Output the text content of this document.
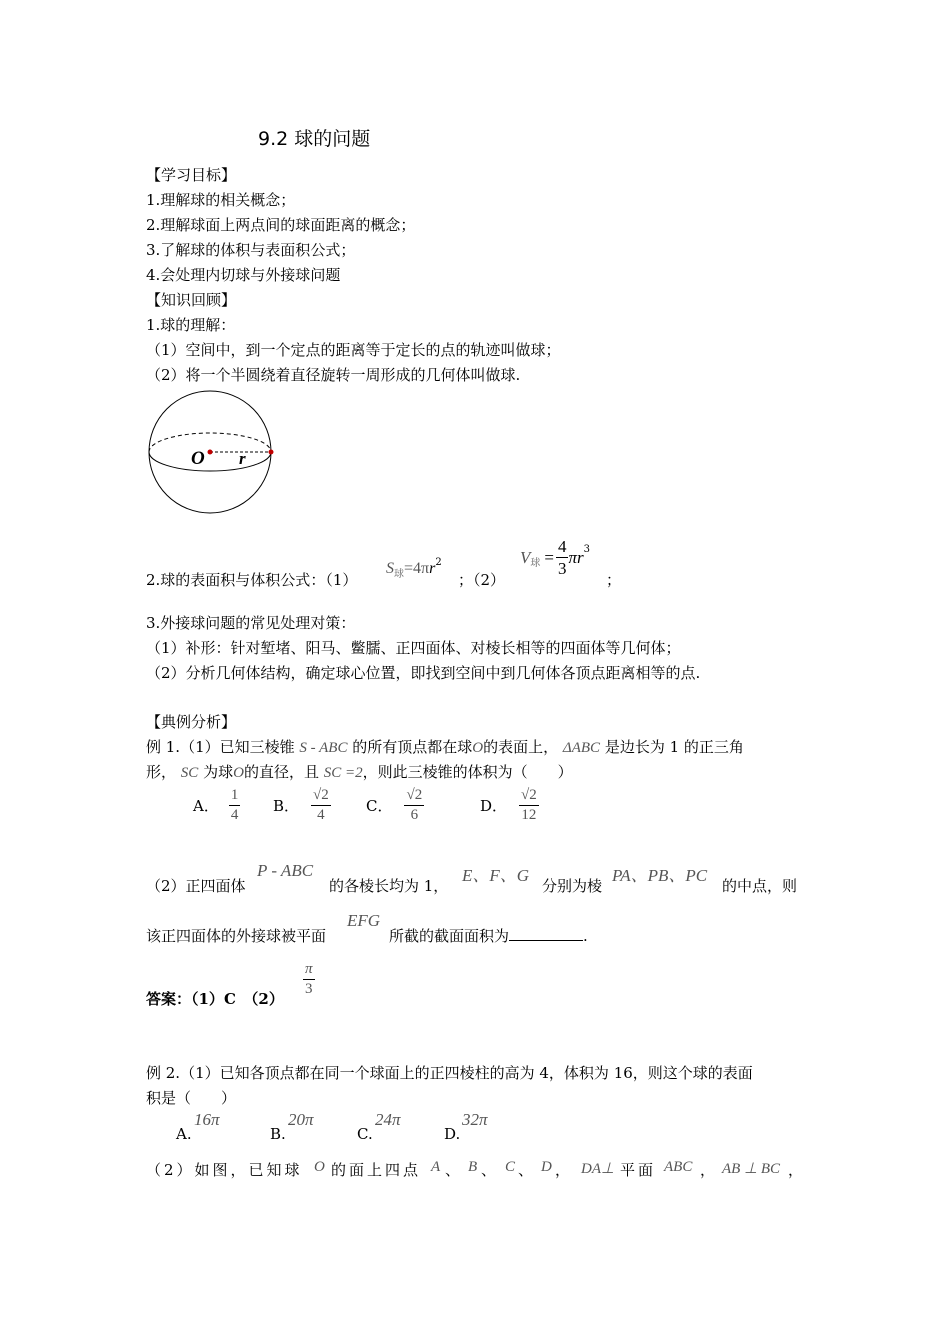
9.2 球的问题
【学习目标】
1.理解球的相关概念；
2.理解球面上两点间的球面距离的概念；
3.了解球的体积与表面积公式；
4.会处理内切球与外接球问题
【知识回顾】
1.球的理解：
（1）空间中，到一个定点的距离等于定长的点的轨迹叫做球；
（2）将一个半圆绕着直径旋转一周形成的几何体叫做球.
O r
2.球的表面积与体积公式：（1）
$S_球=4\pi r^2$
；（2）
V 球 = $\frac{4}{3}$ πr 3
；
3.外接球问题的常见处理对策：
（1）补形：针对堑堵、阳马、鳖臑、正四面体、对棱长相等的四面体等几何体；
（2）分析几何体结构，确定球心位置，即找到空间中到几何体各顶点距离相等的点.
【典例分析】
例 1.（1）已知三棱锥 S - ABC 的所有顶点都在球O的表面上， ΔABC 是边长为 1 的正三角
形， SC 为球O的直径，且 SC =2，则此三棱锥的体积为（　　）
A． $\frac{1}{4}$ B． $\frac{√2}{4}$ C． $\frac{√2}{6}$	D． $\frac{√2}{12}$
（2）正四面体
P - ABC
的各棱长均为 1，
E、F、G
分别为棱
PA、PB、PC
的中点，则
该正四面体的外接球被平面
EFG
所截的截面面积为	.
答案：（1）C　（2）
$\frac{\pi}{3}$
例 2.（1）已知各顶点都在同一个球面上的正四棱柱的高为 4，体积为 16，则这个球的表面
积是（　　）
A.
16π
B.
20π
C.
24π
D.
32π
（2）如图，已知球 O 的面上四点 A 、 B 、 C 、 D ， DA⊥ 平面 ABC ， AB ⊥ BC ，
